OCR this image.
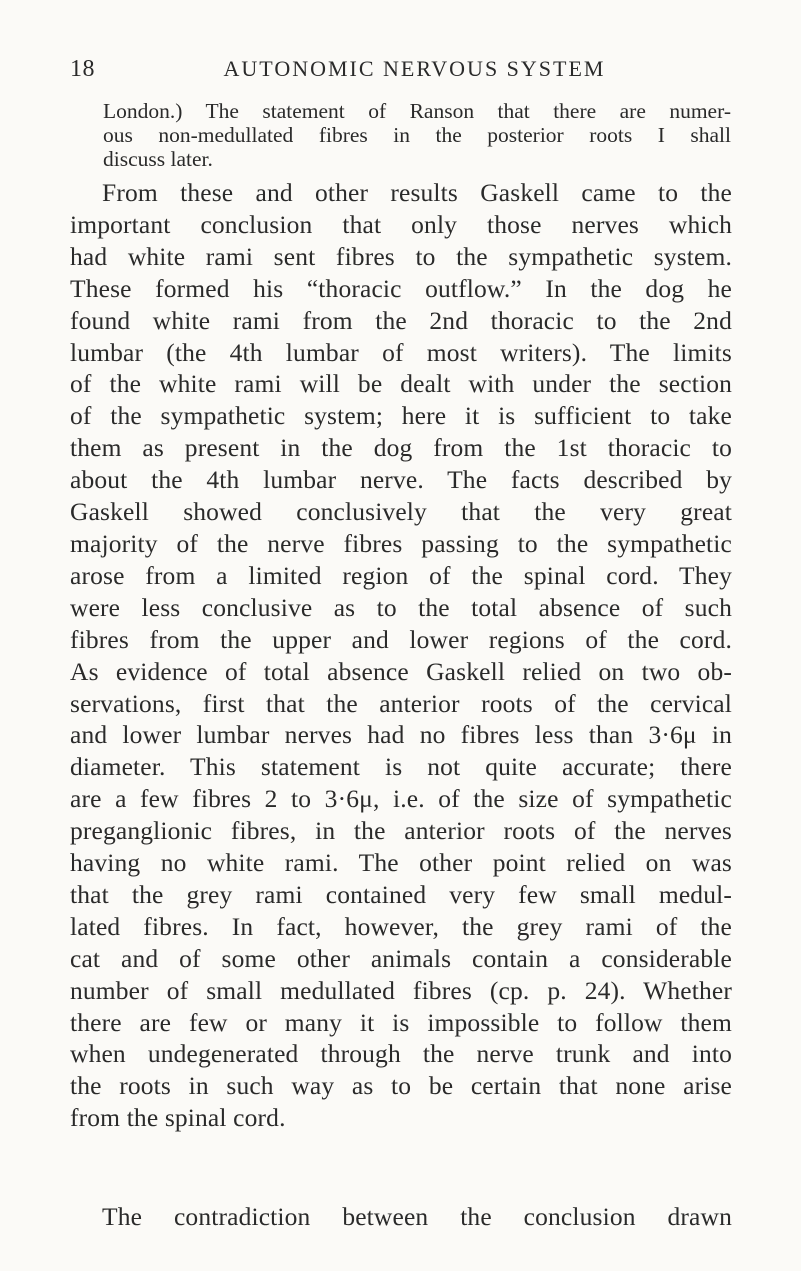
18	AUTONOMIC NERVOUS SYSTEM
London.) The statement of Ranson that there are numer-
ous non-medullated fibres in the posterior roots I shall
discuss later.
From these and other results Gaskell came to the
important conclusion that only those nerves which
had white rami sent fibres to the sympathetic system.
These formed his “thoracic outflow.” In the dog he
found white rami from the 2nd thoracic to the 2nd
lumbar (the 4th lumbar of most writers). The limits
of the white rami will be dealt with under the section
of the sympathetic system; here it is sufficient to take
them as present in the dog from the 1st thoracic to
about the 4th lumbar nerve. The facts described by
Gaskell showed conclusively that the very great
majority of the nerve fibres passing to the sympathetic
arose from a limited region of the spinal cord. They
were less conclusive as to the total absence of such
fibres from the upper and lower regions of the cord.
As evidence of total absence Gaskell relied on two ob-
servations, first that the anterior roots of the cervical
and lower lumbar nerves had no fibres less than 3·6μ in
diameter. This statement is not quite accurate; there
are a few fibres 2 to 3·6μ, i.e. of the size of sympathetic
preganglionic fibres, in the anterior roots of the nerves
having no white rami. The other point relied on was
that the grey rami contained very few small medul-
lated fibres. In fact, however, the grey rami of the
cat and of some other animals contain a considerable
number of small medullated fibres (cp. p. 24). Whether
there are few or many it is impossible to follow them
when undegenerated through the nerve trunk and into
the roots in such way as to be certain that none arise
from the spinal cord.
The contradiction between the conclusion drawn
